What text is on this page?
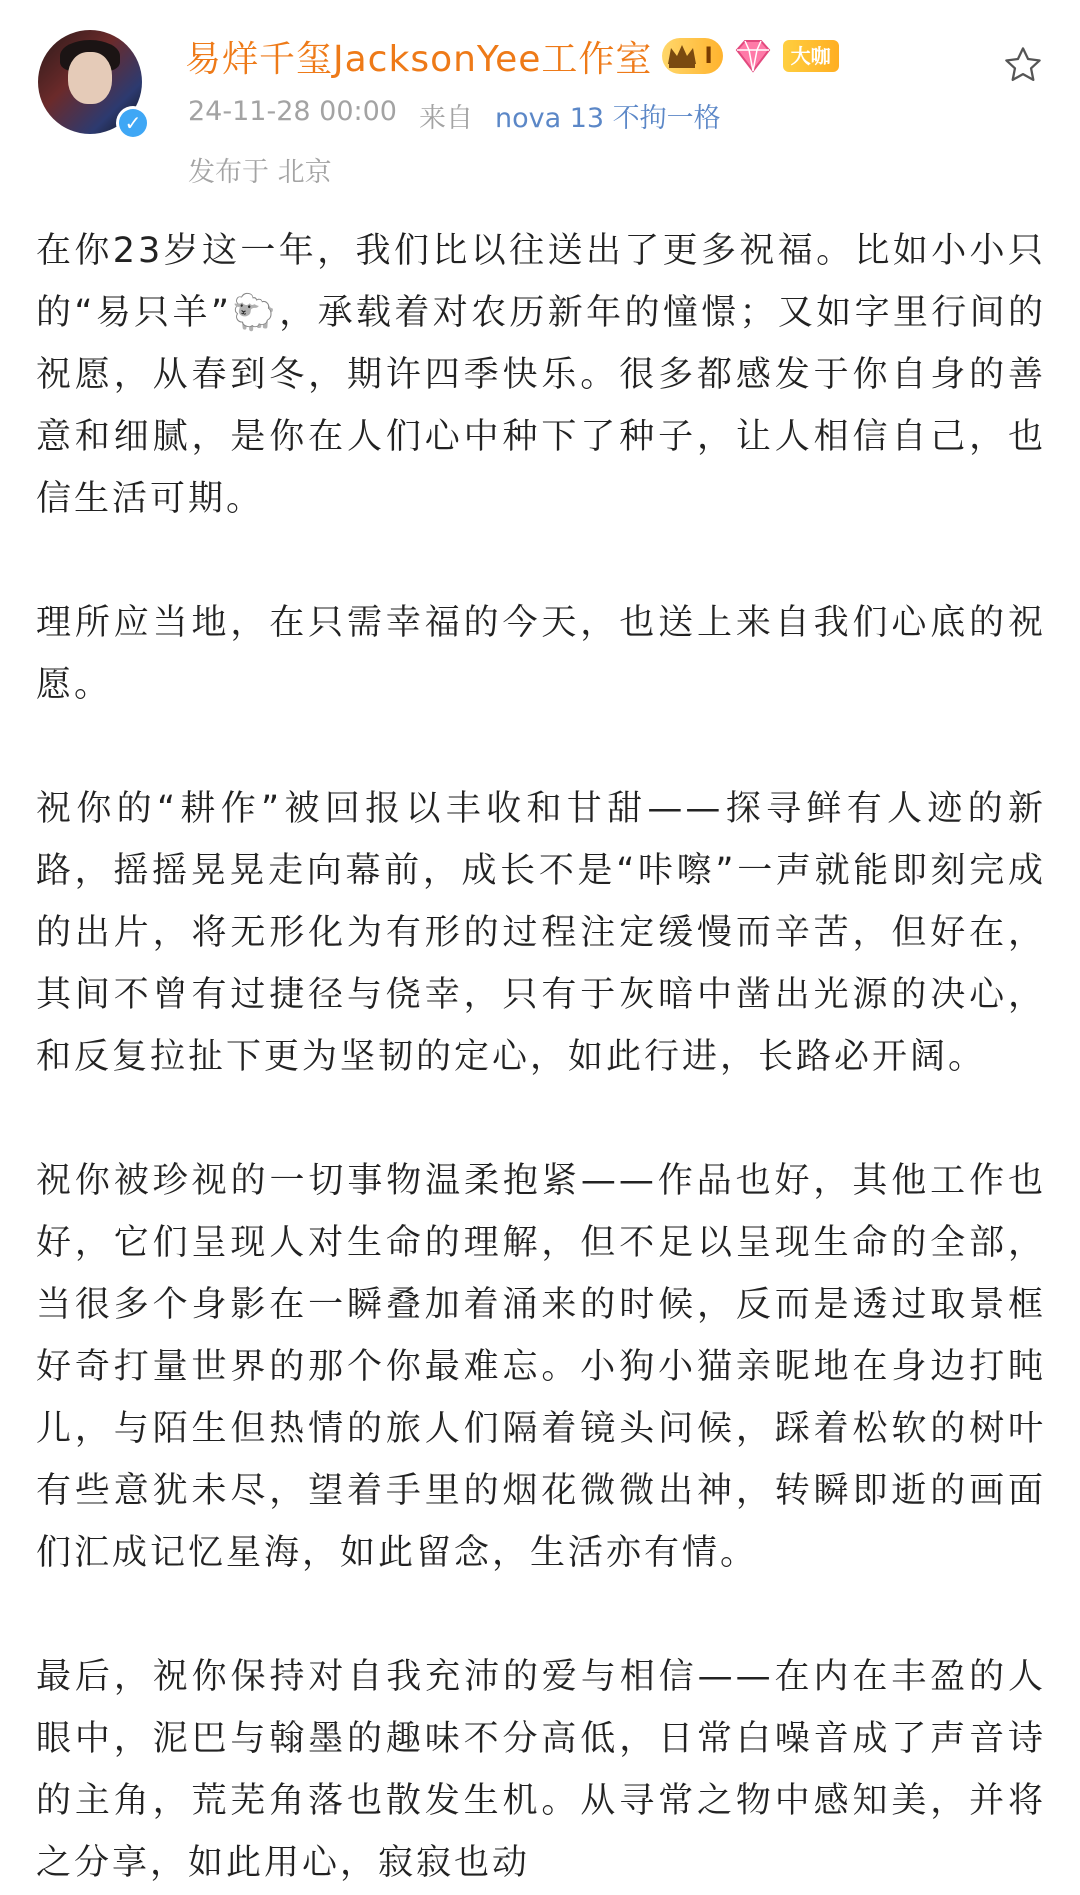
✓
易烊千玺JacksonYee工作室 I	大咖
24-11-28 00:00 来自 nova 13 不拘一格
发布于 北京

在你23岁这一年，我们比以往送出了更多祝福。比如小小只的“易只羊”🐑，承载着对农历新年的憧憬；又如字里行间的祝愿，从春到冬，期许四季快乐。很多都感发于你自身的善意和细腻，是你在人们心中种下了种子，让人相信自己，也信生活可期。

理所应当地，在只需幸福的今天，也送上来自我们心底的祝愿。

祝你的“耕作”被回报以丰收和甘甜——探寻鲜有人迹的新路，摇摇晃晃走向幕前，成长不是“咔嚓”一声就能即刻完成的出片，将无形化为有形的过程注定缓慢而辛苦，但好在，其间不曾有过捷径与侥幸，只有于灰暗中凿出光源的决心，和反复拉扯下更为坚韧的定心，如此行进，长路必开阔。

祝你被珍视的一切事物温柔抱紧——作品也好，其他工作也好，它们呈现人对生命的理解，但不足以呈现生命的全部，当很多个身影在一瞬叠加着涌来的时候，反而是透过取景框好奇打量世界的那个你最难忘。小狗小猫亲昵地在身边打盹儿，与陌生但热情的旅人们隔着镜头问候，踩着松软的树叶有些意犹未尽，望着手里的烟花微微出神，转瞬即逝的画面们汇成记忆星海，如此留念，生活亦有情。

最后，祝你保持对自我充沛的爱与相信——在内在丰盈的人眼中，泥巴与翰墨的趣味不分高低，日常白噪音成了声音诗的主角，荒芜角落也散发生机。从寻常之物中感知美，并将之分享，如此用心，寂寂也动
